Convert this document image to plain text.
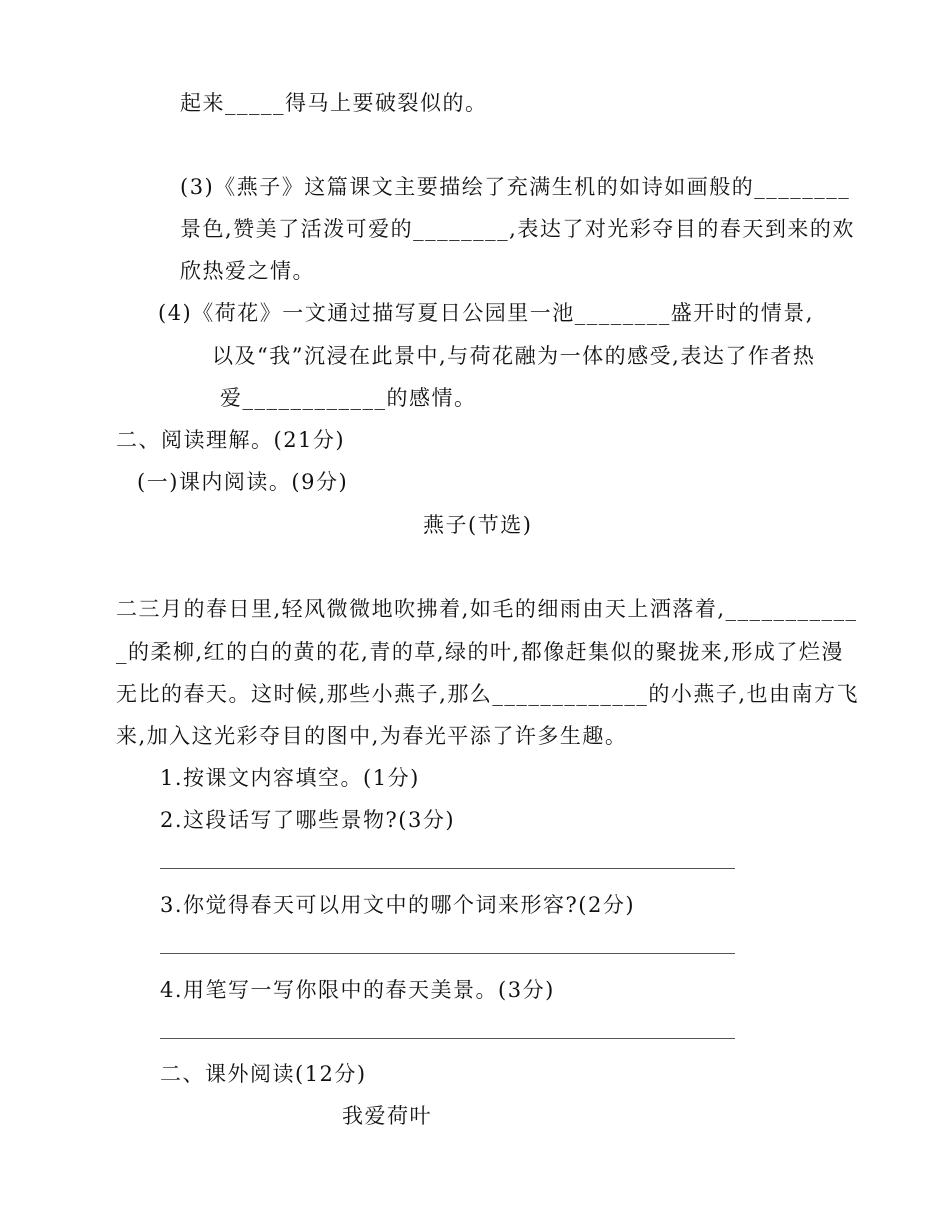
起来_____得马上要破裂似的。
(3)《燕子》这篇课文主要描绘了充满生机的如诗如画般的________
景色,赞美了活泼可爱的________,表达了对光彩夺目的春天到来的欢
欣热爱之情。
(4)《荷花》一文通过描写夏日公园里一池________盛开时的情景,
以及“我”沉浸在此景中,与荷花融为一体的感受,表达了作者热
爱____________的感情。
二、阅读理解。(21分)
(一)课内阅读。(9分)
燕子(节选)
二三月的春日里,轻风微微地吹拂着,如毛的细雨由天上洒落着,___________
_的柔柳,红的白的黄的花,青的草,绿的叶,都像赶集似的聚拢来,形成了烂漫
无比的春天。这时候,那些小燕子,那么_____________的小燕子,也由南方飞
来,加入这光彩夺目的图中,为春光平添了许多生趣。
1.按课文内容填空。(1分)
2.这段话写了哪些景物?(3分)
3.你觉得春天可以用文中的哪个词来形容?(2分)
4.用笔写一写你限中的春天美景。(3分)
二、课外阅读(12分)
我爱荷叶
